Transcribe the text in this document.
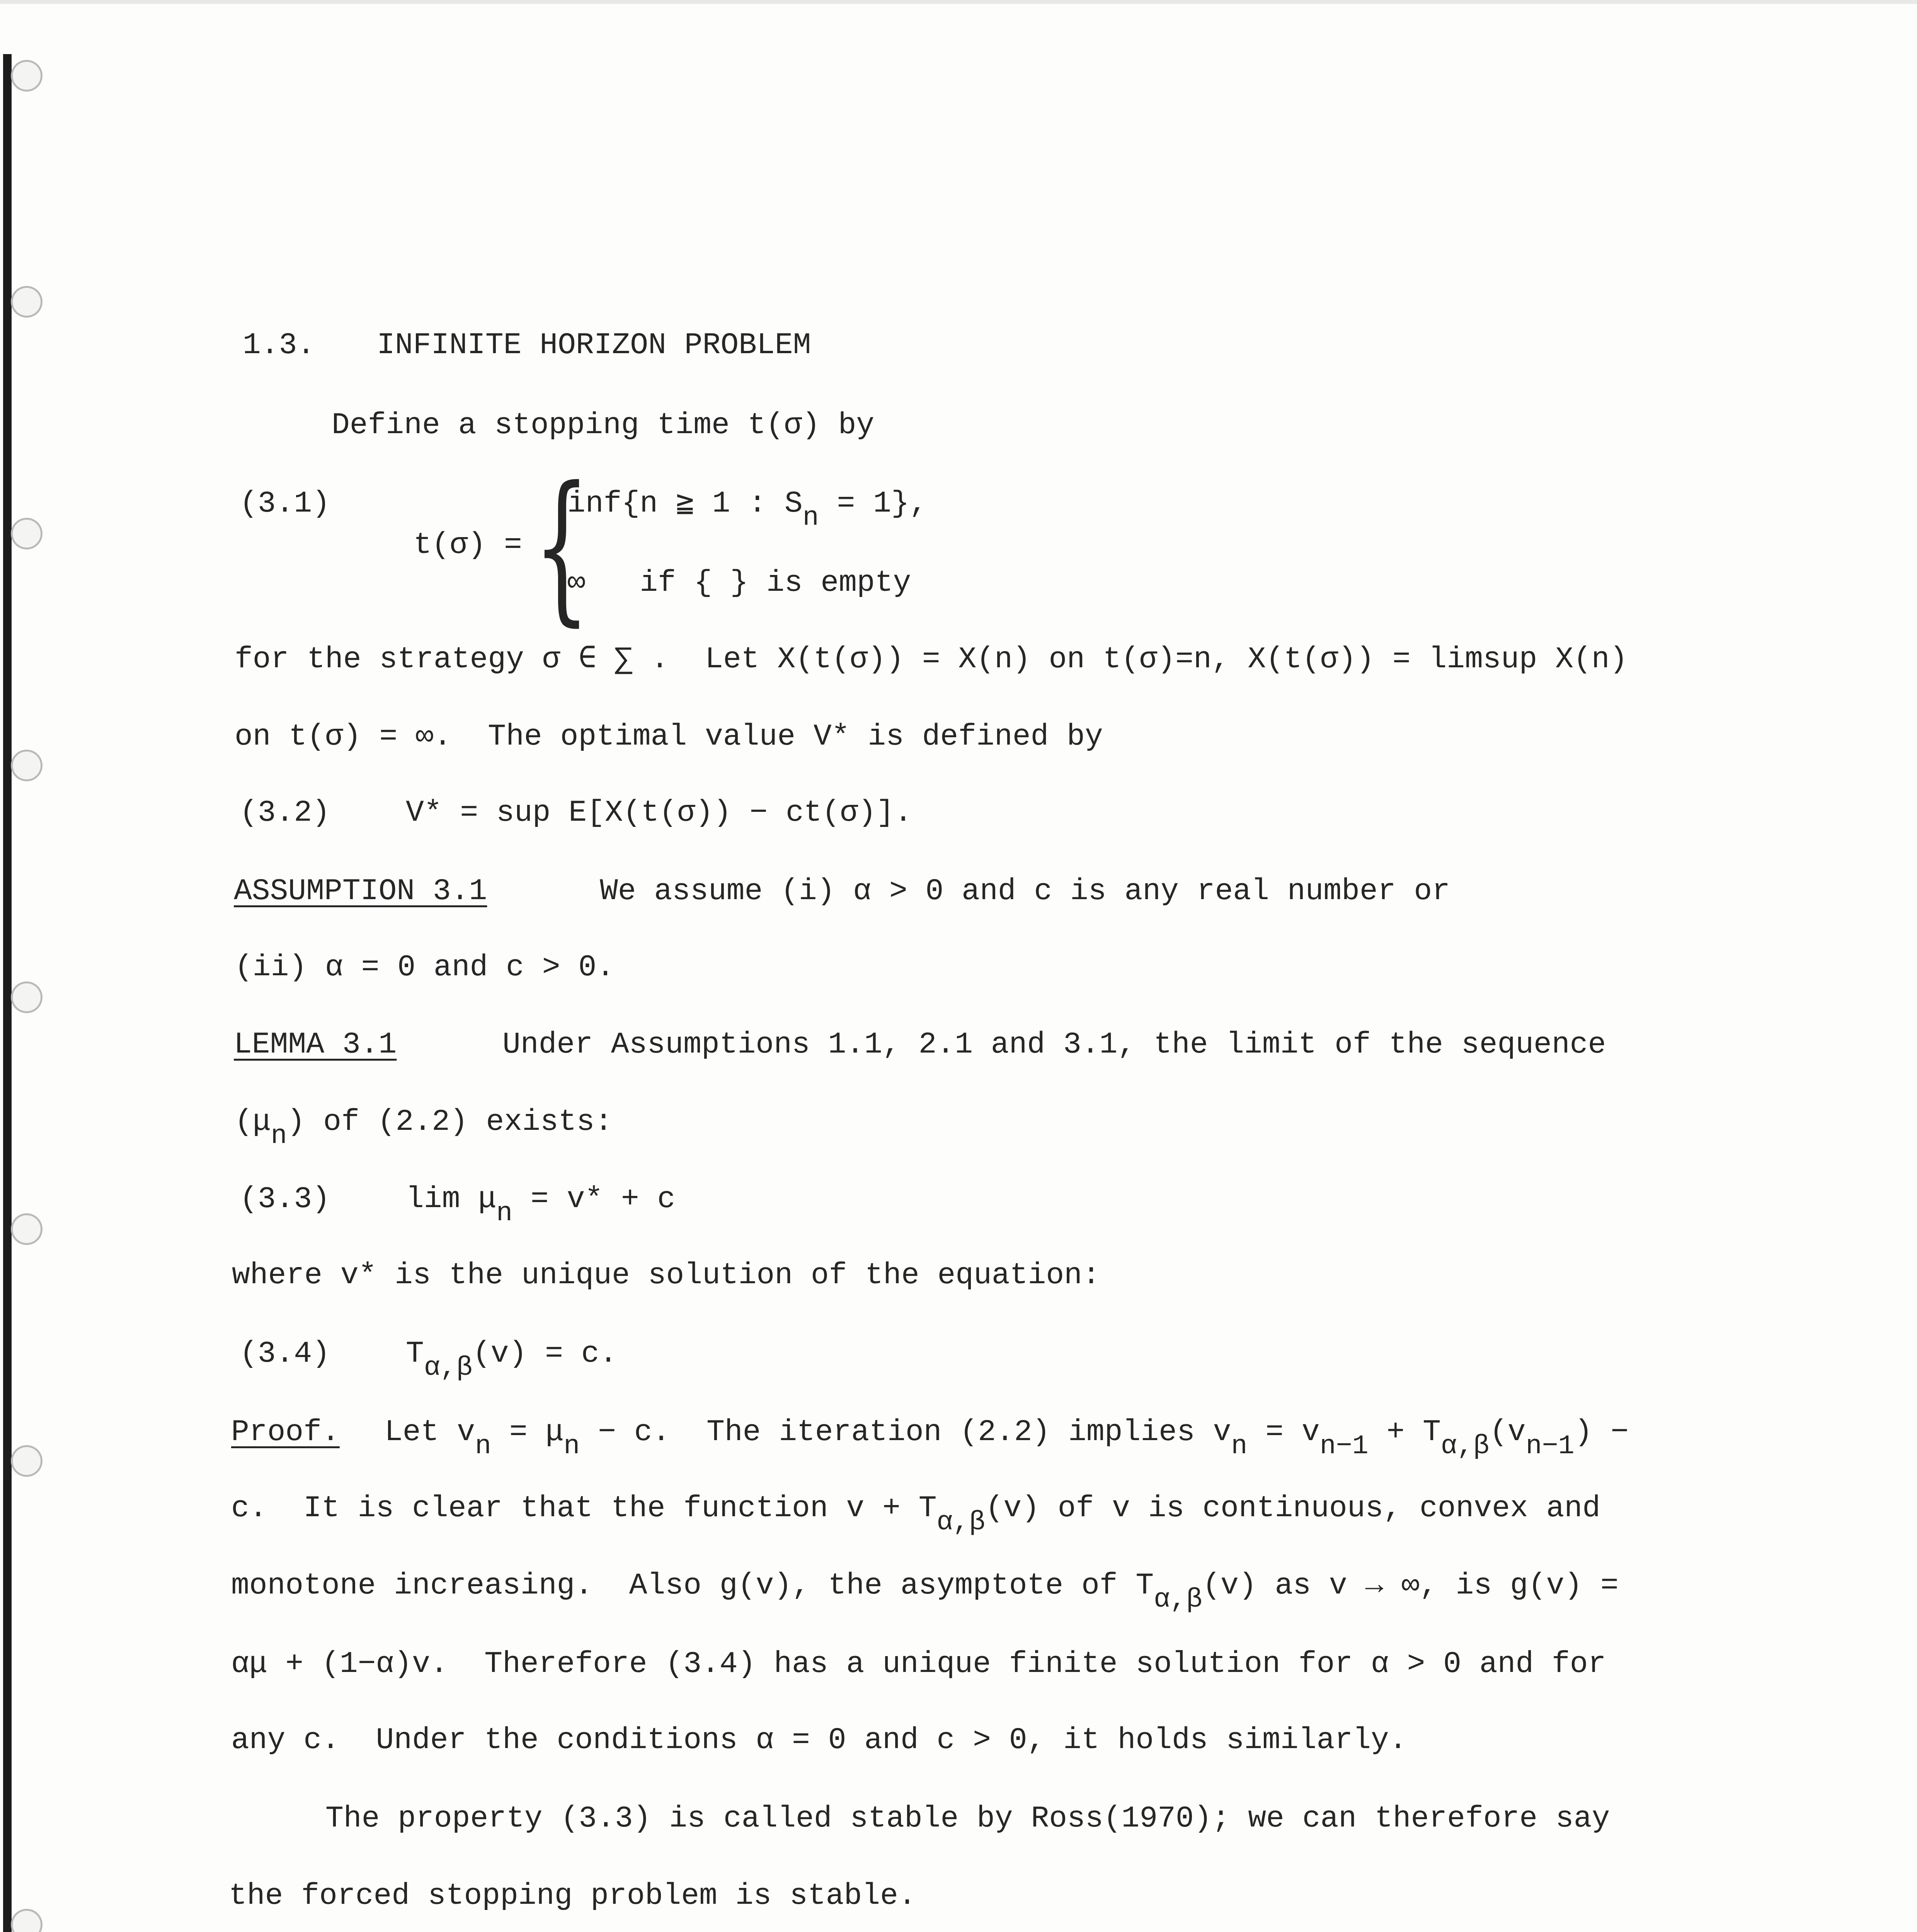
1.3. INFINITE HORIZON PROBLEM
Define a stopping time t(σ) by
(3.1)
t(σ) = {
inf{n ≧ 1 : Sn = 1},
∞   if { } is empty
for the strategy σ ∈ ∑ .  Let X(t(σ)) = X(n) on t(σ)=n, X(t(σ)) = limsup X(n)
on t(σ) = ∞.  The optimal value V* is defined by
(3.2)	V* = sup E[X(t(σ)) − ct(σ)].
ASSUMPTION 3.1	We assume (i) α > 0 and c is any real number or
(ii) α = 0 and c > 0.
LEMMA 3.1	Under Assumptions 1.1, 2.1 and 3.1, the limit of the sequence
(μn) of (2.2) exists:
(3.3)	lim μn = v* + c
where v* is the unique solution of the equation:
(3.4)	Tα,β(v) = c.
Proof. Let vn = μn − c.  The iteration (2.2) implies vn = vn−1 + Tα,β(vn−1) −
c.  It is clear that the function v + Tα,β(v) of v is continuous, convex and
monotone increasing.  Also g(v), the asymptote of Tα,β(v) as v → ∞, is g(v) =
αμ + (1−α)v.  Therefore (3.4) has a unique finite solution for α > 0 and for
any c.  Under the conditions α = 0 and c > 0, it holds similarly.
The property (3.3) is called stable by Ross(1970); we can therefore say
the forced stopping problem is stable.
